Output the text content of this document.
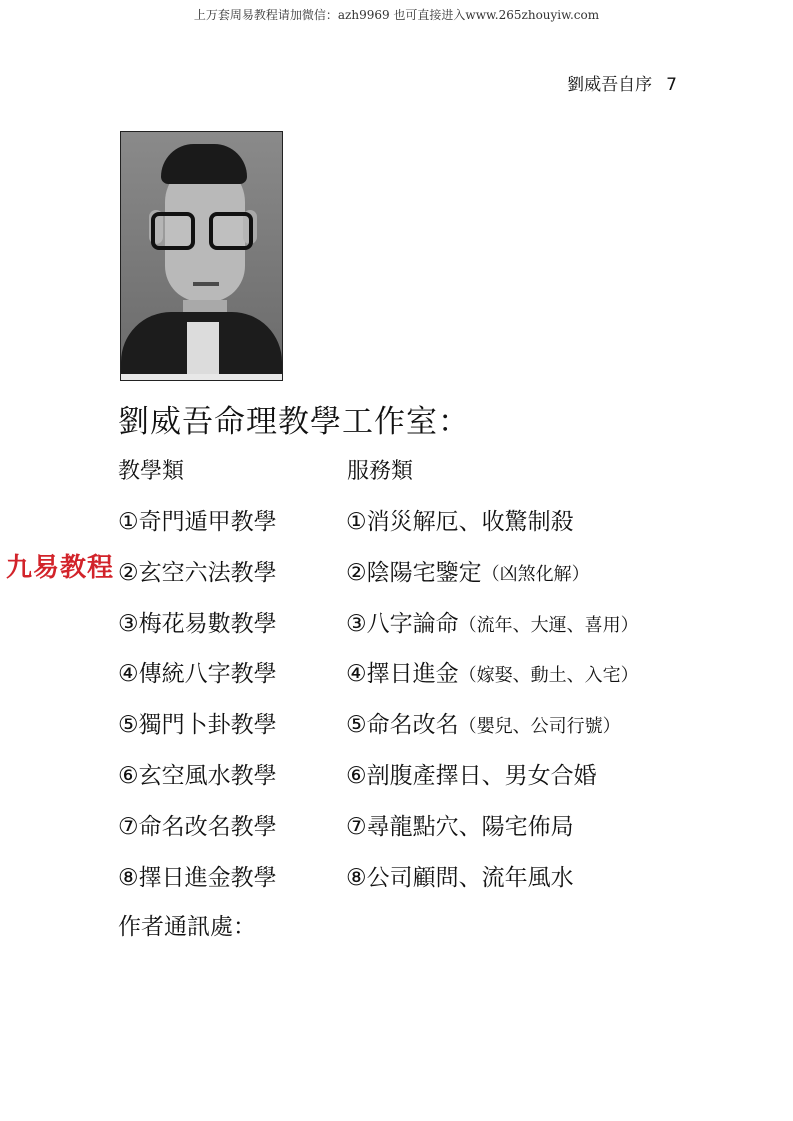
上万套周易教程请加微信：azh9969 也可直接进入www.265zhouyiw.com
劉威吾自序 7
劉威吾命理教學工作室：
教學類	服務類
①奇門遁甲教學
②玄空六法教學
③梅花易數教學
④傳統八字教學
⑤獨門卜卦教學
⑥玄空風水教學
⑦命名改名教學
⑧擇日進金教學
①消災解厄、收驚制殺
②陰陽宅鑒定（凶煞化解）
③八字論命（流年、大運、喜用）
④擇日進金（嫁娶、動土、入宅）
⑤命名改名（嬰兒、公司行號）
⑥剖腹產擇日、男女合婚
⑦尋龍點穴、陽宅佈局
⑧公司顧問、流年風水
作者通訊處：
九易教程
